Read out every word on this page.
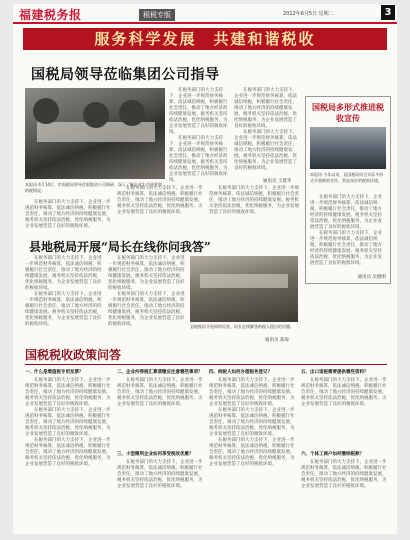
福建税务报	税税专版	2012年6月5日 星期二	3
服务科学发展　共建和谐税收
国税局领导莅临集团公司指导
本报讯 4月14日，市国税局领导莅临集团公司调研，深入了解企业生产经营和纳税情况。
　　在税务部门的大力支持下，企业进一步规范财务核算，依法诚信纳税，积极履行社会责任，推动了地方经济的持续健康发展。税务机关坚持依法治税，优化纳税服务，为企业发展营造了良好的税收环境。
　　在税务部门的大力支持下，企业进一步规范财务核算，依法诚信纳税，积极履行社会责任，推动了地方经济的持续健康发展。税务机关坚持依法治税，优化纳税服务，为企业发展营造了良好的税收环境。
　　在税务部门的大力支持下，企业进一步规范财务核算，依法诚信纳税，积极履行社会责任，推动了地方经济的持续健康发展。税务机关坚持依法治税，优化纳税服务，为企业发展营造了良好的税收环境。
　　在税务部门的大力支持下，企业进一步规范财务核算，依法诚信纳税，积极履行社会责任，推动了地方经济的持续健康发展。税务机关坚持依法治税，优化纳税服务，为企业发展营造了良好的税收环境。
通讯员 王建华
　　在税务部门的大力支持下，企业进一步规范财务核算，依法诚信纳税，积极履行社会责任，推动了地方经济的持续健康发展。税务机关坚持依法治税，优化纳税服务，为企业发展营造了良好的税收环境。
　　在税务部门的大力支持下，企业进一步规范财务核算，依法诚信纳税，积极履行社会责任，推动了地方经济的持续健康发展。税务机关坚持依法治税，优化纳税服务，为企业发展营造了良好的税收环境。
　　在税务部门的大力支持下，企业进一步规范财务核算，依法诚信纳税，积极履行社会责任，推动了地方经济的持续健康发展。税务机关坚持依法治税，优化纳税服务，为企业发展营造了良好的税收环境。
国税局多形式推进税收宣传
本报讯 今年以来，县国税局结合实际多形式开展税收宣传，营造良好的税收环境。
　　在税务部门的大力支持下，企业进一步规范财务核算，依法诚信纳税，积极履行社会责任，推动了地方经济的持续健康发展。税务机关坚持依法治税，优化纳税服务，为企业发展营造了良好的税收环境。
　　在税务部门的大力支持下，企业进一步规范财务核算，依法诚信纳税，积极履行社会责任，推动了地方经济的持续健康发展。税务机关坚持依法治税，优化纳税服务，为企业发展营造了良好的税收环境。
通讯员 吴德明
县地税局开展“局长在线你问我答”
　　在税务部门的大力支持下，企业进一步规范财务核算，依法诚信纳税，积极履行社会责任，推动了地方经济的持续健康发展。税务机关坚持依法治税，优化纳税服务，为企业发展营造了良好的税收环境。
　　在税务部门的大力支持下，企业进一步规范财务核算，依法诚信纳税，积极履行社会责任，推动了地方经济的持续健康发展。税务机关坚持依法治税，优化纳税服务，为企业发展营造了良好的税收环境。
　　在税务部门的大力支持下，企业进一步规范财务核算，依法诚信纳税，积极履行社会责任，推动了地方经济的持续健康发展。税务机关坚持依法治税，优化纳税服务，为企业发展营造了良好的税收环境。
　　在税务部门的大力支持下，企业进一步规范财务核算，依法诚信纳税，积极履行社会责任，推动了地方经济的持续健康发展。税务机关坚持依法治税，优化纳税服务，为企业发展营造了良好的税收环境。	县地税局开展网络问答，局长在线解答纳税人提出的问题。
通讯员 郑海
国税税收政策问答
一、什么是增值税专用发票？
　　在税务部门的大力支持下，企业进一步规范财务核算，依法诚信纳税，积极履行社会责任，推动了地方经济的持续健康发展。税务机关坚持依法治税，优化纳税服务，为企业发展营造了良好的税收环境。
　　在税务部门的大力支持下，企业进一步规范财务核算，依法诚信纳税，积极履行社会责任，推动了地方经济的持续健康发展。税务机关坚持依法治税，优化纳税服务，为企业发展营造了良好的税收环境。
　　在税务部门的大力支持下，企业进一步规范财务核算，依法诚信纳税，积极履行社会责任，推动了地方经济的持续健康发展。税务机关坚持依法治税，优化纳税服务，为企业发展营造了良好的税收环境。
二、企业所得税汇算清缴应注意哪些事项？
　　在税务部门的大力支持下，企业进一步规范财务核算，依法诚信纳税，积极履行社会责任，推动了地方经济的持续健康发展。税务机关坚持依法治税，优化纳税服务，为企业发展营造了良好的税收环境。
三、小型微利企业如何享受税收优惠？
　　在税务部门的大力支持下，企业进一步规范财务核算，依法诚信纳税，积极履行社会责任，推动了地方经济的持续健康发展。税务机关坚持依法治税，优化纳税服务，为企业发展营造了良好的税收环境。
四、纳税人如何办理税务登记？
　　在税务部门的大力支持下，企业进一步规范财务核算，依法诚信纳税，积极履行社会责任，推动了地方经济的持续健康发展。税务机关坚持依法治税，优化纳税服务，为企业发展营造了良好的税收环境。
　　在税务部门的大力支持下，企业进一步规范财务核算，依法诚信纳税，积极履行社会责任，推动了地方经济的持续健康发展。税务机关坚持依法治税，优化纳税服务，为企业发展营造了良好的税收环境。
　　在税务部门的大力支持下，企业进一步规范财务核算，依法诚信纳税，积极履行社会责任，推动了地方经济的持续健康发展。税务机关坚持依法治税，优化纳税服务，为企业发展营造了良好的税收环境。
五、出口退税需要提供哪些资料？
　　在税务部门的大力支持下，企业进一步规范财务核算，依法诚信纳税，积极履行社会责任，推动了地方经济的持续健康发展。税务机关坚持依法治税，优化纳税服务，为企业发展营造了良好的税收环境。
六、个体工商户如何缴纳税款？
　　在税务部门的大力支持下，企业进一步规范财务核算，依法诚信纳税，积极履行社会责任，推动了地方经济的持续健康发展。税务机关坚持依法治税，优化纳税服务，为企业发展营造了良好的税收环境。
